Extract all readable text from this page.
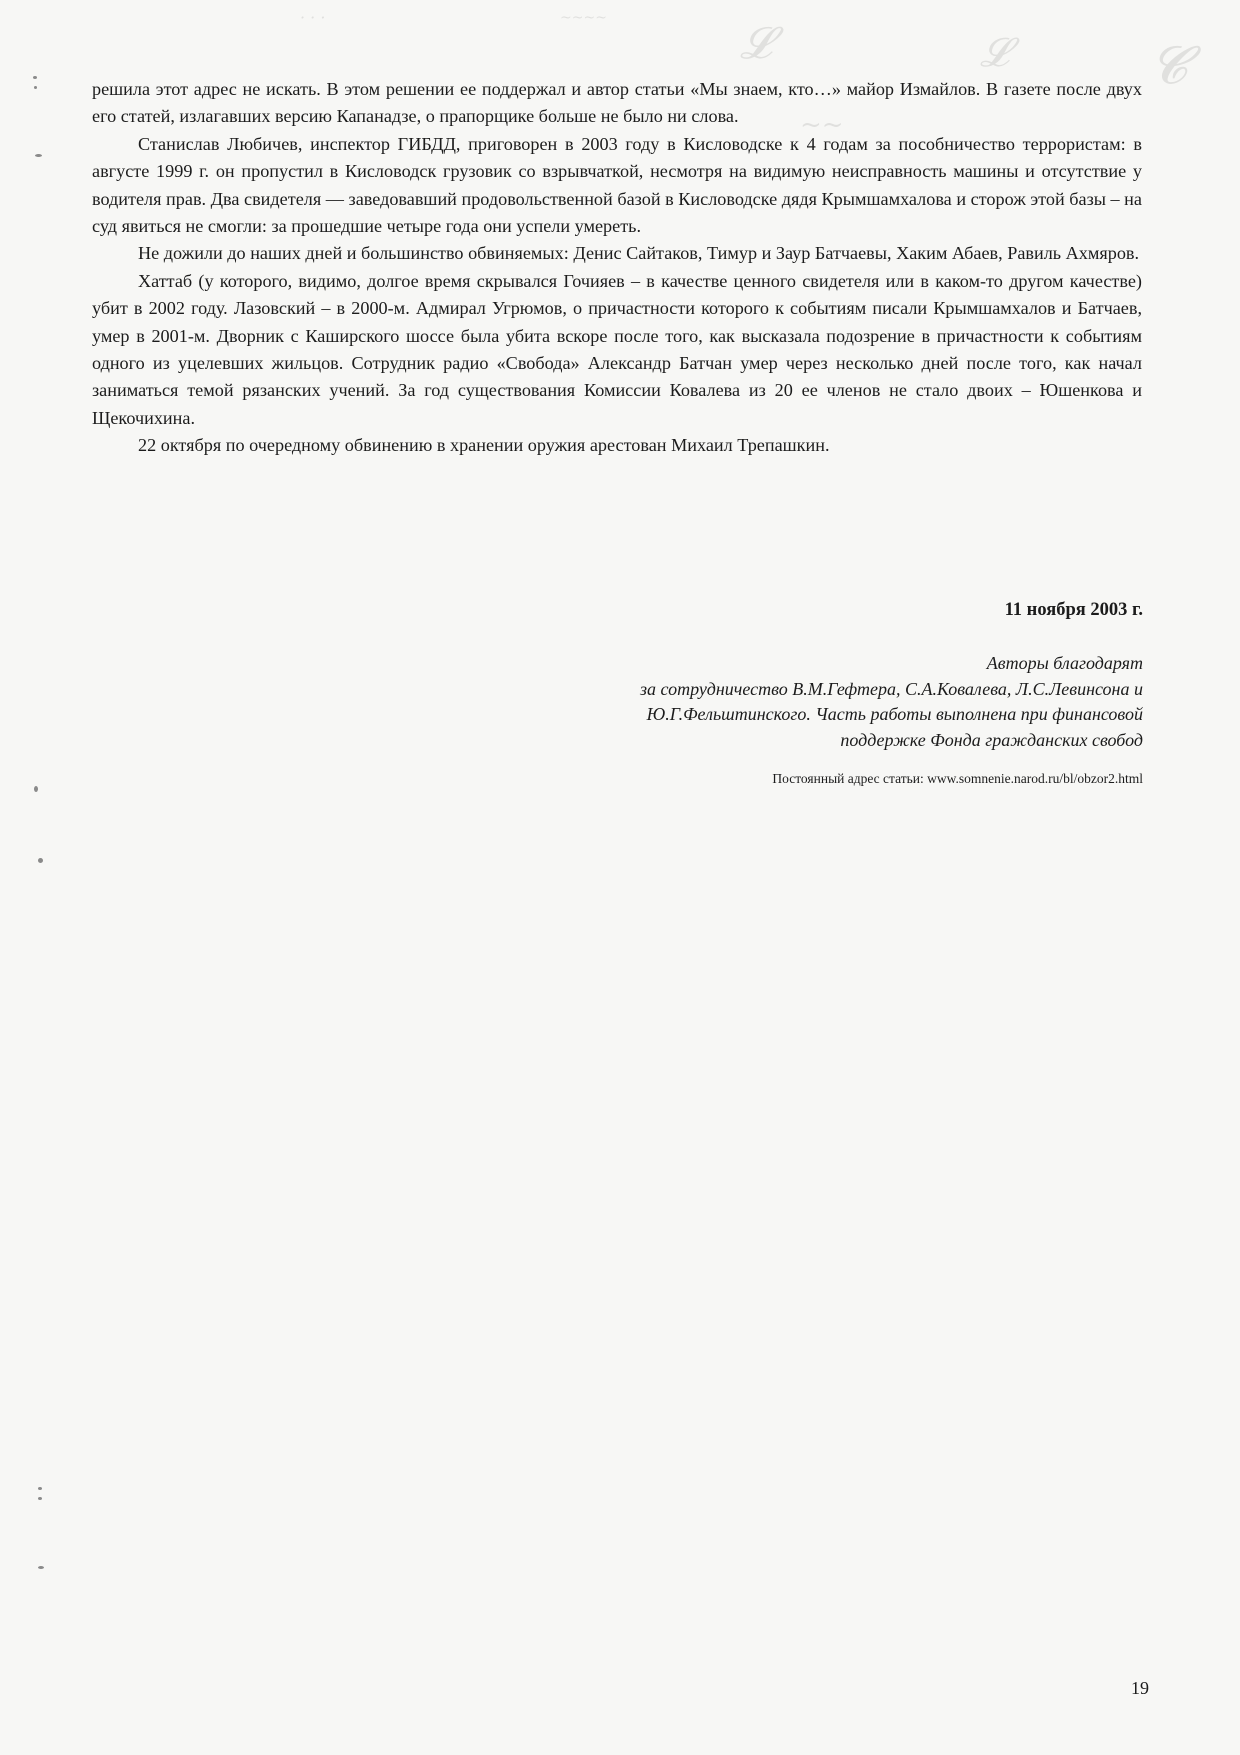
· · ·	~~~~	𝓛	𝓛	𝓒
~~

решила этот адрес не искать. В этом решении ее поддержал и автор статьи «Мы знаем, кто…» майор Измайлов. В газете после двух его статей, излагавших версию Капанадзе, о прапорщике больше не было ни слова.

Станислав Любичев, инспектор ГИБДД, приговорен в 2003 году в Кисловодске к 4 годам за пособничество террористам: в августе 1999 г. он пропустил в Кисловодск грузовик со взрывчаткой, несмотря на видимую неисправность машины и отсутствие у водителя прав. Два свидетеля — заведовавший продовольственной базой в Кисловодске дядя Крымшамхалова и сторож этой базы – на суд явиться не смогли: за прошедшие четыре года они успели умереть.

Не дожили до наших дней и большинство обвиняемых: Денис Сайтаков, Тимур и Заур Батчаевы, Хаким Абаев, Равиль Ахмяров.

Хаттаб (у которого, видимо, долгое время скрывался Гочияев – в качестве ценного свидетеля или в каком-то другом качестве) убит в 2002 году. Лазовский – в 2000-м. Адмирал Угрюмов, о причастности которого к событиям писали Крымшамхалов и Батчаев, умер в 2001-м. Дворник с Каширского шоссе была убита вскоре после того, как высказала подозрение в причастности к событиям одного из уцелевших жильцов. Сотрудник радио «Свобода» Александр Батчан умер через несколько дней после того, как начал заниматься темой рязанских учений. За год существования Комиссии Ковалева из 20 ее членов не стало двоих – Юшенкова и Щекочихина.

22 октября по очередному обвинению в хранении оружия арестован Михаил Трепашкин.

11 ноября 2003 г.
Авторы благодарят
за сотрудничество В.М.Гефтера, С.А.Ковалева, Л.С.Левинсона и
Ю.Г.Фельштинского. Часть работы выполнена при финансовой
поддержке Фонда гражданских свобод
Постоянный адрес статьи: www.somnenie.narod.ru/bl/obzor2.html
19
